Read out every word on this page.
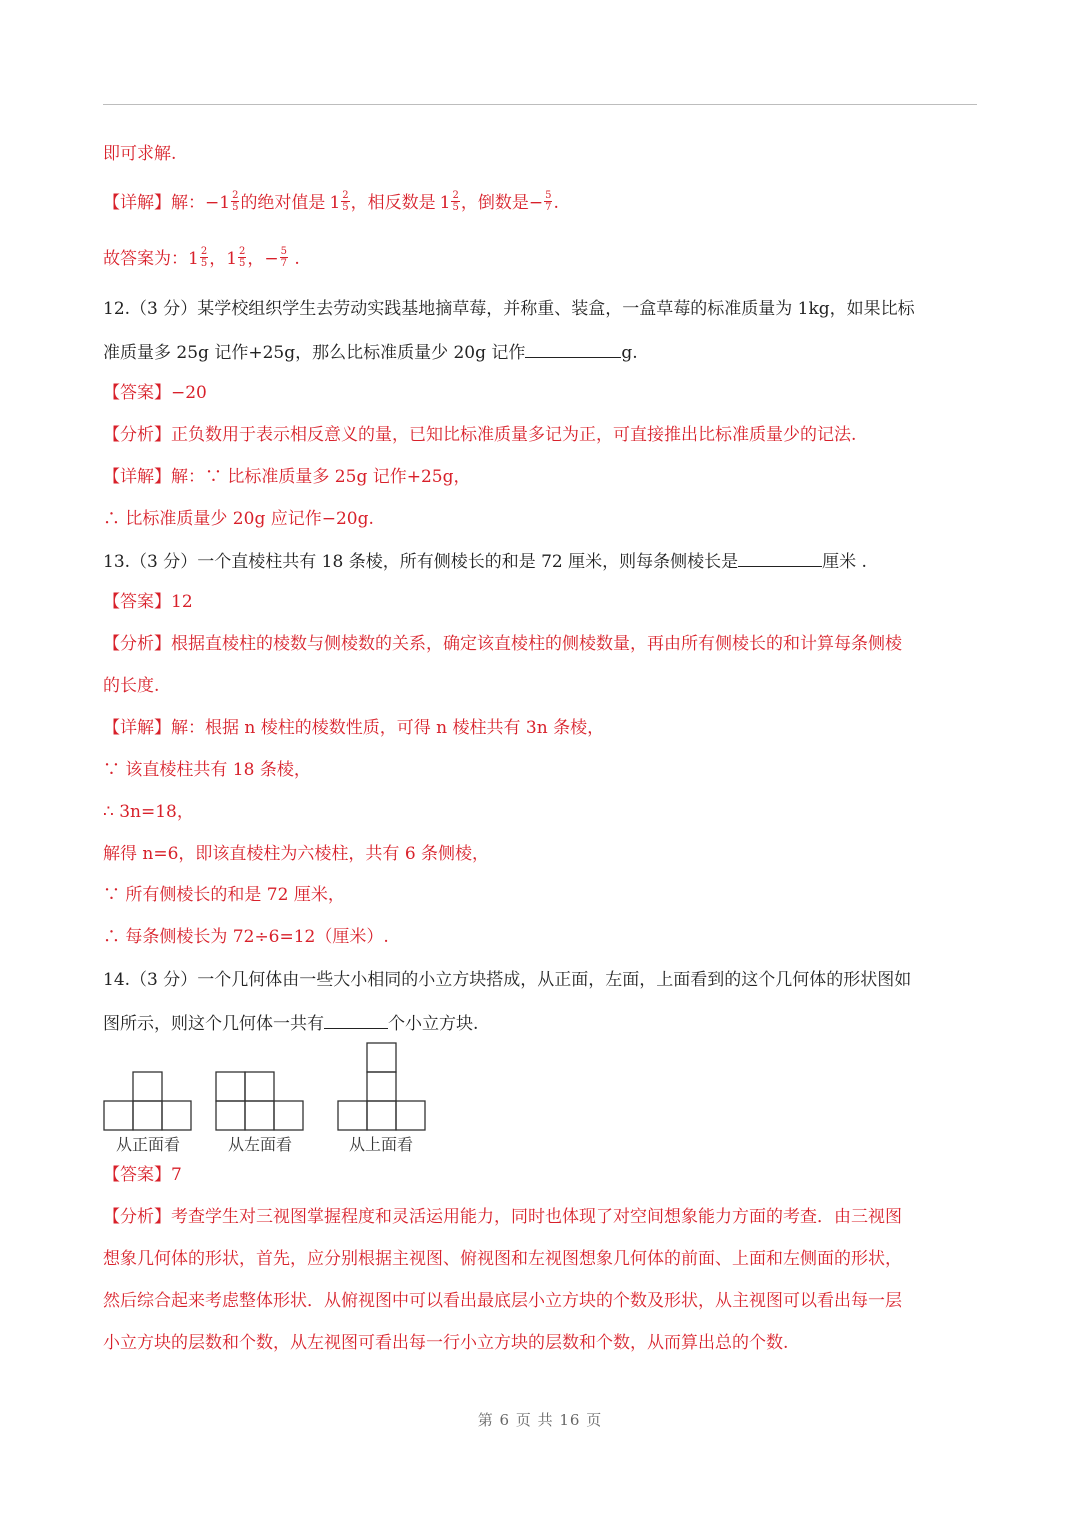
即可求解.
【详解】解：$-1 \frac{2}{5}$ 的绝对值是 $1 \frac{2}{5}$ ，相反数是 $1 \frac{2}{5}$ ，倒数是− $\frac{5}{7}$ .
故答案为：$1 \frac{2}{5}$ ，$1 \frac{2}{5}$ ，− $\frac{5}{7}$ .
12.（3 分）某学校组织学生去劳动实践基地摘草莓，并称重、装盒，一盒草莓的标准质量为 1kg，如果比标
准质量多 25g 记作+25g，那么比标准质量少 20g 记作	g.
【答案】−20
【分析】正负数用于表示相反意义的量，已知比标准质量多记为正，可直接推出比标准质量少的记法.
【详解】解：∵ 比标准质量多 25g 记作+25g，
∴ 比标准质量少 20g 应记作−20g.
13.（3 分）一个直棱柱共有 18 条棱，所有侧棱长的和是 72 厘米，则每条侧棱长是	厘米 .
【答案】12
【分析】根据直棱柱的棱数与侧棱数的关系，确定该直棱柱的侧棱数量，再由所有侧棱长的和计算每条侧棱
的长度.
【详解】解：根据 n 棱柱的棱数性质，可得 n 棱柱共有 3n 条棱，
∵ 该直棱柱共有 18 条棱，
∴ 3n=18，
解得 n=6，即该直棱柱为六棱柱，共有 6 条侧棱，
∵ 所有侧棱长的和是 72 厘米，
∴ 每条侧棱长为 72÷6=12（厘米）.
14.（3 分）一个几何体由一些大小相同的小立方块搭成，从正面，左面，上面看到的这个几何体的形状图如
图所示，则这个几何体一共有	个小立方块.
从正面看	从左面看	从上面看
【答案】7
【分析】考查学生对三视图掌握程度和灵活运用能力，同时也体现了对空间想象能力方面的考查．由三视图
想象几何体的形状，首先，应分别根据主视图、俯视图和左视图想象几何体的前面、上面和左侧面的形状，
然后综合起来考虑整体形状．从俯视图中可以看出最底层小立方块的个数及形状，从主视图可以看出每一层
小立方块的层数和个数，从左视图可看出每一行小立方块的层数和个数，从而算出总的个数.
第 6 页 共 16 页
